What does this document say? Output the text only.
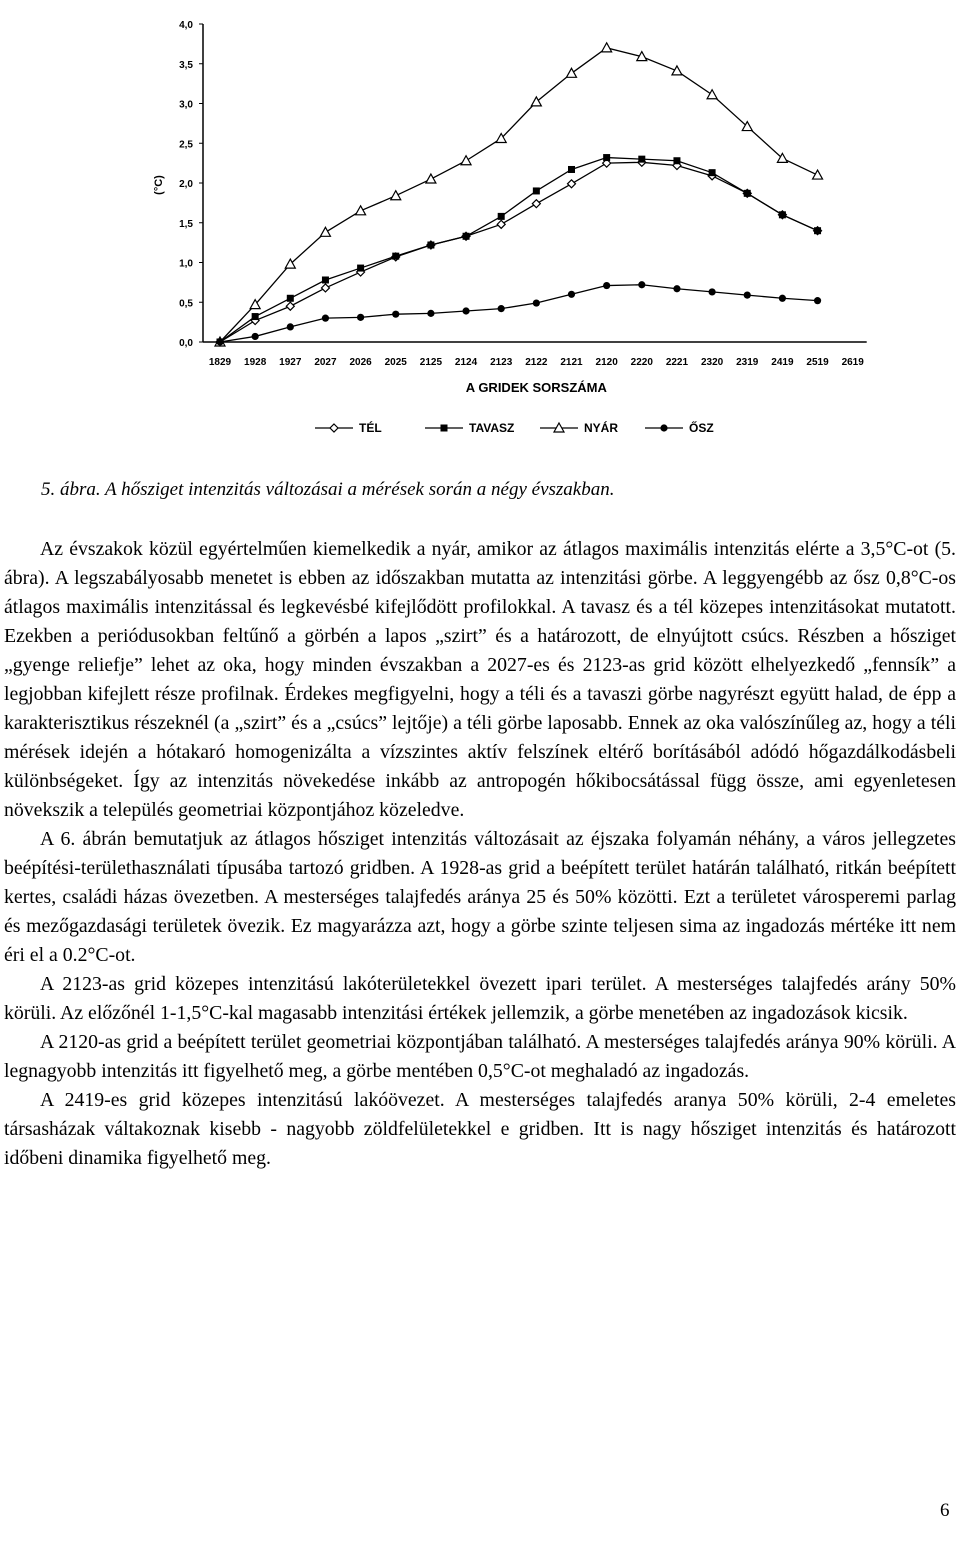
0,0
0,5
1,0
1,5
2,0
2,5
3,0
3,5
4,0
(°C)
1829 1928 1927 2027 2026 2025 2125 2124 2123 2122 2121 2120 2220 2221 2320 2319 2419 2519 2619
A GRIDEK SORSZÁMA
TÉL	TAVASZ	NYÁR	ŐSZ
5. ábra. A hősziget intenzitás változásai a mérések során a négy évszakban.

Az évszakok közül egyértelműen kiemelkedik a nyár, amikor az átlagos maximális intenzitás elérte a 3,5°C-ot (5. ábra). A legszabályosabb menetet is ebben az időszakban mutatta az intenzitási görbe. A leggyengébb az ősz 0,8°C-os átlagos maximális intenzitással és legkevésbé kifejlődött profilokkal. A tavasz és a tél közepes intenzitásokat mutatott. Ezekben a periódusokban feltűnő a görbén a lapos „szirt” és a határozott, de elnyújtott csúcs. Részben a hősziget „gyenge reliefje” lehet az oka, hogy minden évszakban a 2027-es és 2123-as grid között elhelyezkedő „fennsík” a legjobban kifejlett része profilnak. Érdekes megfigyelni, hogy a téli és a tavaszi görbe nagyrészt együtt halad, de épp a karakterisztikus részeknél (a „szirt” és a „csúcs” lejtője) a téli görbe laposabb. Ennek az oka valószínűleg az, hogy a téli mérések idején a hótakaró homogenizálta a vízszintes aktív felszínek eltérő borításából adódó hőgazdálkodásbeli különbségeket. Így az intenzitás növekedése inkább az antropogén hőkibocsátással függ össze, ami egyenletesen növekszik a település geometriai központjához közeledve.

A 6. ábrán bemutatjuk az átlagos hősziget intenzitás változásait az éjszaka folyamán néhány, a város jellegzetes beépítési-területhasználati típusába tartozó gridben. A 1928-as grid a beépített terület határán található, ritkán beépített kertes, családi házas övezetben. A mesterséges talajfedés aránya 25 és 50% közötti. Ezt a területet városperemi parlag és mezőgazdasági területek övezik. Ez magyarázza azt, hogy a görbe szinte teljesen sima az ingadozás mértéke itt nem éri el a 0.2°C-ot.

A 2123-as grid közepes intenzitású lakóterületekkel övezett ipari terület. A mesterséges talajfedés arány 50% körüli. Az előzőnél 1-1,5°C-kal magasabb intenzitási értékek jellemzik, a görbe menetében az ingadozások kicsik.

A 2120-as grid a beépített terület geometriai központjában található. A mesterséges talajfedés aránya 90% körüli. A legnagyobb intenzitás itt figyelhető meg, a görbe mentében 0,5°C-ot meghaladó az ingadozás.

A 2419-es grid közepes intenzitású lakóövezet. A mesterséges talajfedés aranya 50% körüli, 2-4 emeletes társasházak váltakoznak kisebb - nagyobb zöldfelületekkel e gridben. Itt is nagy hősziget intenzitás és határozott időbeni dinamika figyelhető meg.

6
